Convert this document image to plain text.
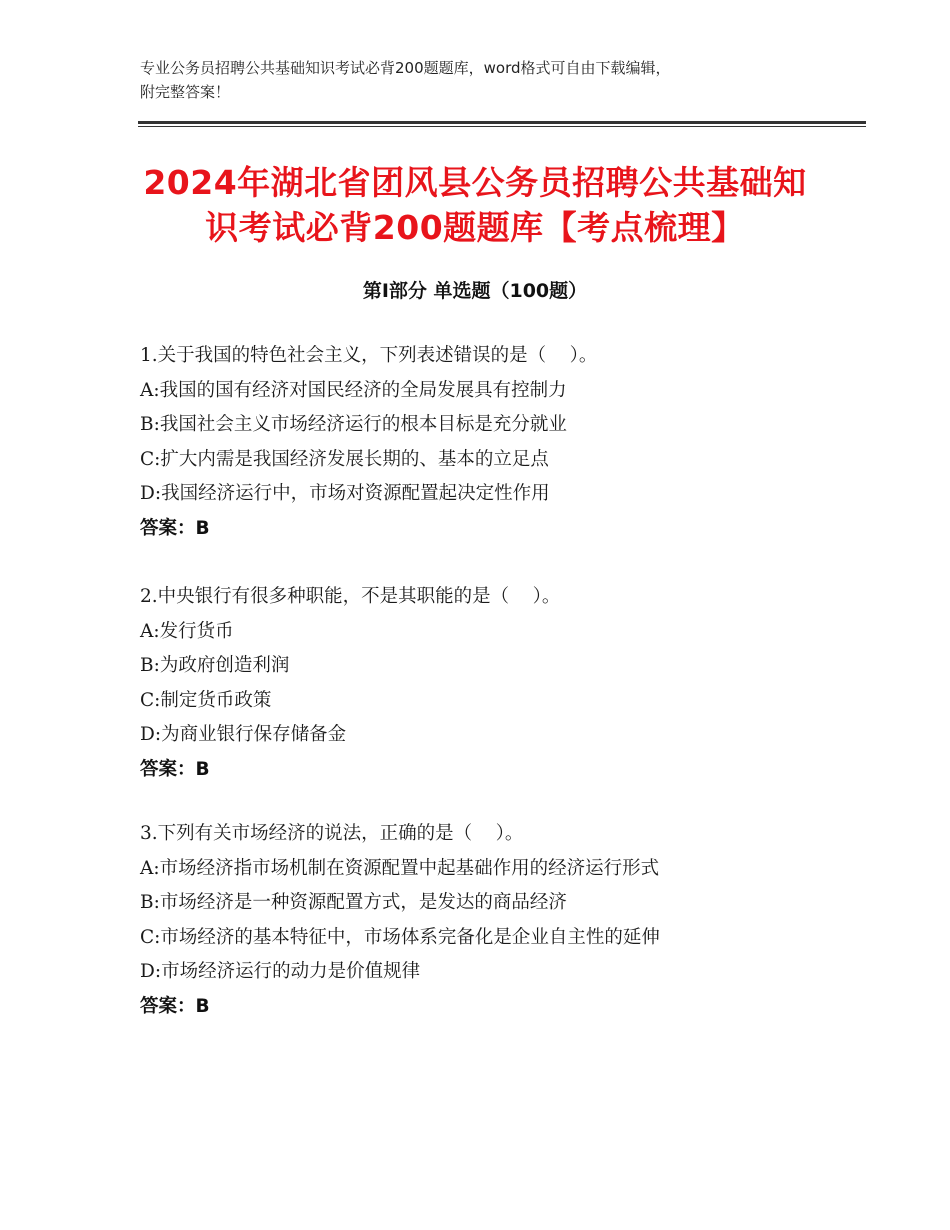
专业公务员招聘公共基础知识考试必背200题题库，word格式可自由下载编辑，
附完整答案！
2024年湖北省团风县公务员招聘公共基础知
识考试必背200题题库【考点梳理】
第Ⅰ部分 单选题（100题）
1.关于我国的特色社会主义，下列表述错误的是（    ）。
A:我国的国有经济对国民经济的全局发展具有控制力
B:我国社会主义市场经济运行的根本目标是充分就业
C:扩大内需是我国经济发展长期的、基本的立足点
D:我国经济运行中，市场对资源配置起决定性作用
答案：B
2.中央银行有很多种职能，不是其职能的是（    ）。
A:发行货币
B:为政府创造利润
C:制定货币政策
D:为商业银行保存储备金
答案：B
3.下列有关市场经济的说法，正确的是（    ）。
A:市场经济指市场机制在资源配置中起基础作用的经济运行形式
B:市场经济是一种资源配置方式，是发达的商品经济
C:市场经济的基本特征中，市场体系完备化是企业自主性的延伸
D:市场经济运行的动力是价值规律
答案：B
